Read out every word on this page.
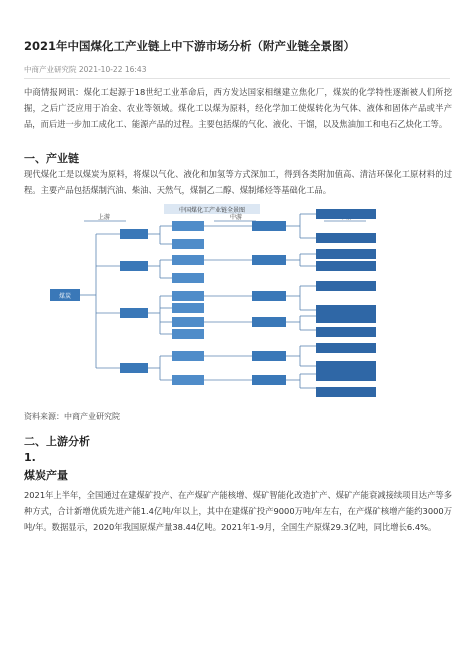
2021年中国煤化工产业链上中下游市场分析（附产业链全景图）
中商产业研究院 2021-10-22 16:43
中商情报网讯：煤化工起源于18世纪工业革命后，西方发达国家相继建立焦化厂，煤炭的化学特性逐渐被人们所挖掘，之后广泛应用于冶金、农业等领域。煤化工以煤为原料，经化学加工使煤转化为气体、液体和固体产品或半产品，而后进一步加工成化工、能源产品的过程。主要包括煤的气化、液化、干馏，以及焦油加工和电石乙炔化工等。
一、产业链
现代煤化工是以煤炭为原料，将煤以气化、液化和加氢等方式深加工，得到各类附加值高、清洁环保化工原材料的过程。主要产品包括煤制汽油、柴油、天然气，煤制乙二醇、煤制烯烃等基础化工品。
中国煤化工产业链全景图
上游	中游
煤炭
资料来源：中商产业研究院
二、上游分析
1.
煤炭产量
2021年上半年，全国通过在建煤矿投产、在产煤矿产能核增、煤矿智能化改造扩产、煤矿产能衰减接续项目达产等多种方式，合计新增优质先进产能1.4亿吨/年以上，其中在建煤矿投产9000万吨/年左右，在产煤矿核增产能约3000万吨/年。数据显示，2020年我国原煤产量38.44亿吨。2021年1-9月，全国生产原煤29.3亿吨，同比增长6.4%。
